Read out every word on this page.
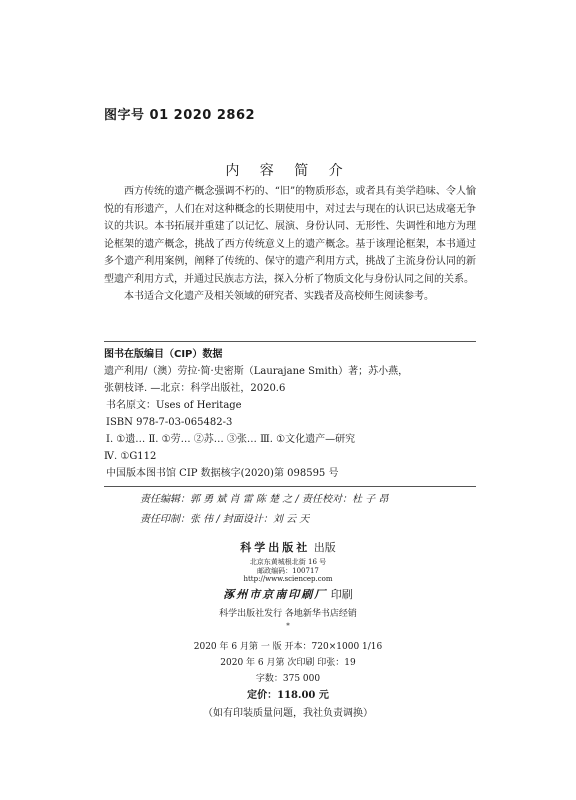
图字号 01 2020 2862
内 容 简 介

西方传统的遗产概念强调不朽的、“旧”的物质形态，或者具有美学趋味、令人愉悦的有形遗产，人们在对这种概念的长期使用中，对过去与现在的认识已达成毫无争议的共识。本书拓展并重建了以记忆、展演、身份认同、无形性、失调性和地方为理论框架的遗产概念，挑战了西方传统意义上的遗产概念。基于该理论框架，本书通过多个遗产利用案例，阐释了传统的、保守的遗产利用方式，挑战了主流身份认同的新型遗产利用方式，并通过民族志方法，探入分析了物质文化与身份认同之间的关系。

本书适合文化遗产及相关领域的研究者、实践者及高校师生阅读参考。

图书在版编目（CIP）数据
遗产利用/（澳）劳拉·简·史密斯（Laurajane Smith）著；苏小燕，
张朝枝译. —北京：科学出版社，2020.6
书名原文：Uses of Heritage
ISBN 978-7-03-065482-3
Ⅰ. ①遗… Ⅱ. ①劳… ②苏… ③张… Ⅲ. ①文化遗产—研究
Ⅳ. ①G112
中国版本图书馆 CIP 数据核字(2020)第 098595 号
责任编辑：郭 勇 斌 肖 雷 陈 楚 之 / 责任校对：杜 子 昂
责任印制：张 伟 / 封面设计：刘 云 天
科学出版社 出版
北京东黄城根北街 16 号
邮政编码：100717
http://www.sciencep.com
涿州市京南印刷厂 印刷
科学出版社发行 各地新华书店经销
*
2020 年 6 月第 一 版 开本：720×1000 1/16
2020 年 6 月第 次印刷 印张：19
字数：375 000
定价：118.00 元
（如有印装质量问题，我社负责调换）
